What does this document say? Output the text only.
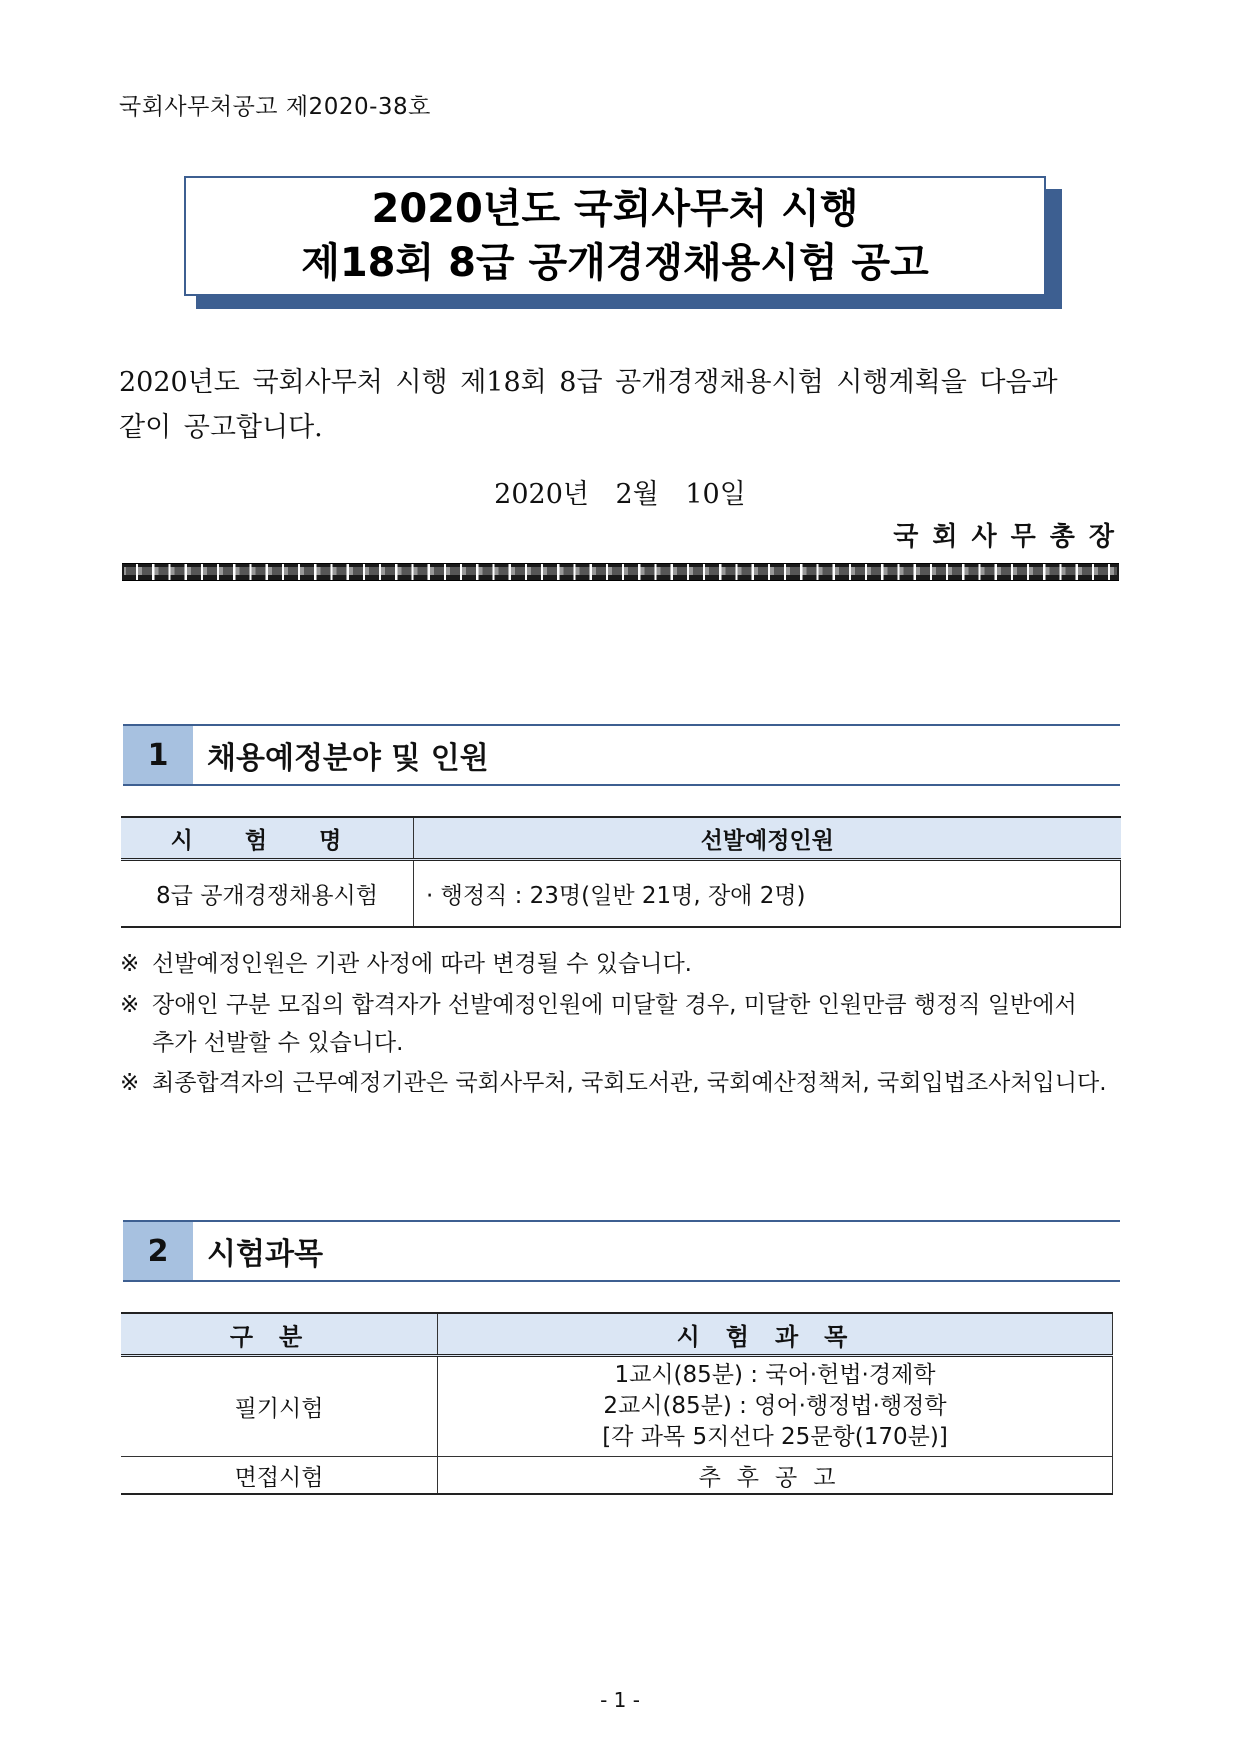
국회사무처공고 제2020-38호
2020년도 국회사무처 시행
제18회 8급 공개경쟁채용시험 공고
2020년도 국회사무처 시행 제18회 8급 공개경쟁채용시험 시행계획을 다음과
같이 공고합니다.
2020년 2월 10일
국회사무총장
1	채용예정분야 및 인원
시 험 명	선발예정인원
8급 공개경쟁채용시험	· 행정직 : 23명(일반 21명, 장애 2명)
※ 선발예정인원은 기관 사정에 따라 변경될 수 있습니다.
※ 장애인 구분 모집의 합격자가 선발예정인원에 미달할 경우, 미달한 인원만큼 행정직 일반에서
추가 선발할 수 있습니다.
※ 최종합격자의 근무예정기관은 국회사무처, 국회도서관, 국회예산정책처, 국회입법조사처입니다.
2	시험과목
구분	시험과목
필기시험	1교시(85분) : 국어·헌법·경제학
2교시(85분) : 영어·행정법·행정학
[각 과목 5지선다 25문항(170분)]

면접시험	추후공고
- 1 -
